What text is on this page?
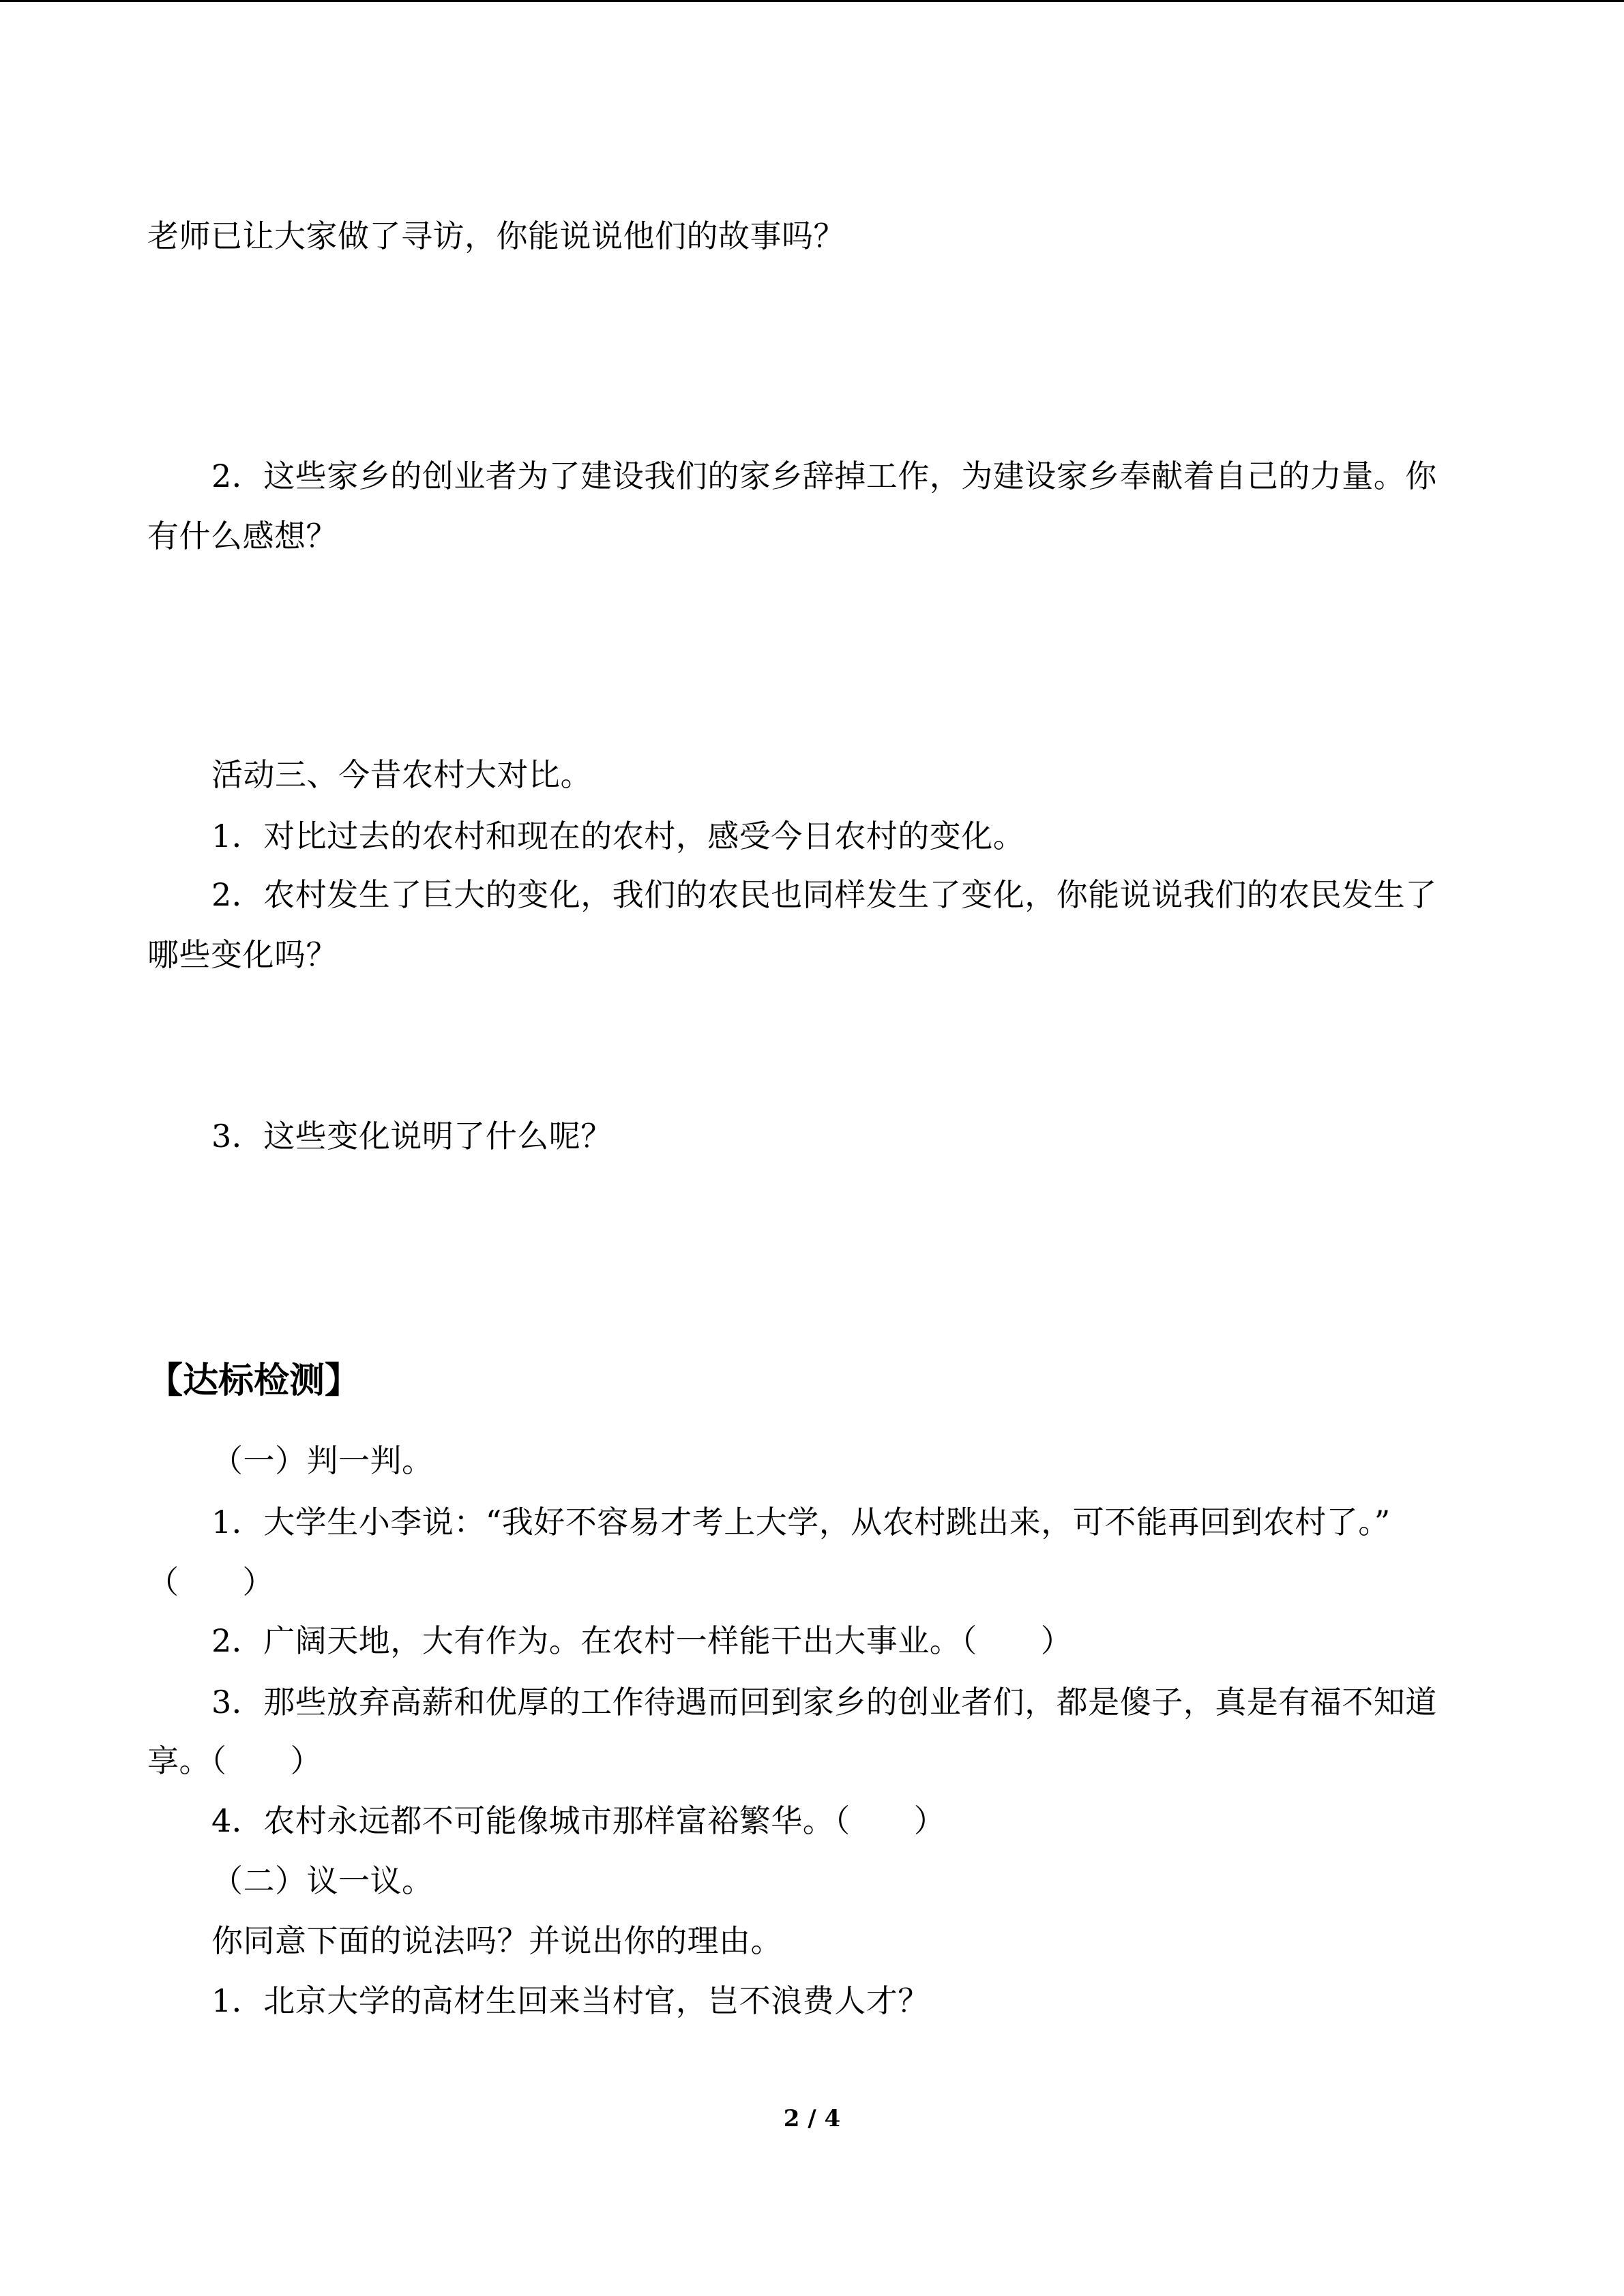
老师已让大家做了寻访，你能说说他们的故事吗？
2．这些家乡的创业者为了建设我们的家乡辞掉工作，为建设家乡奉献着自己的力量。你
有什么感想？
活动三、今昔农村大对比。
1．对比过去的农村和现在的农村，感受今日农村的变化。
2．农村发生了巨大的变化，我们的农民也同样发生了变化，你能说说我们的农民发生了
哪些变化吗？
3．这些变化说明了什么呢？
【达标检测】
（一）判一判。
1．大学生小李说：“我好不容易才考上大学，从农村跳出来，可不能再回到农村了。”
（　　）
2．广阔天地，大有作为。在农村一样能干出大事业。（　　）
3．那些放弃高薪和优厚的工作待遇而回到家乡的创业者们，都是傻子，真是有福不知道
享。（　　）
4．农村永远都不可能像城市那样富裕繁华。（　　）
（二）议一议。
你同意下面的说法吗？并说出你的理由。
1．北京大学的高材生回来当村官，岂不浪费人才？
2 / 4
